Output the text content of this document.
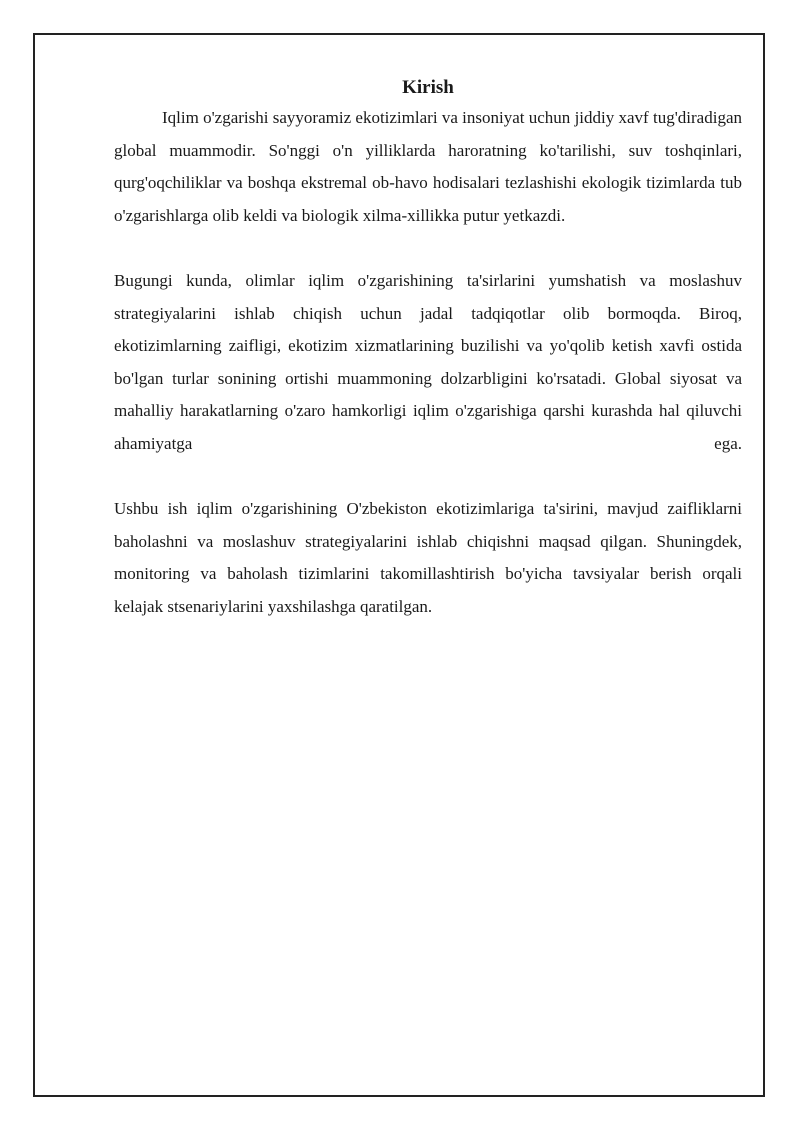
Kirish

Iqlim o'zgarishi sayyoramiz ekotizimlari va insoniyat uchun jiddiy xavf tug'diradigan global muammodir. So'nggi o'n yilliklarda haroratning ko'tarilishi, suv toshqinlari, qurg'oqchiliklar va boshqa ekstremal ob-havo hodisalari tezlashishi ekologik tizimlarda tub o'zgarishlarga olib keldi va biologik xilma-xillikka putur yetkazdi.

Bugungi kunda, olimlar iqlim o'zgarishining ta'sirlarini yumshatish va moslashuv strategiyalarini ishlab chiqish uchun jadal tadqiqotlar olib bormoqda. Biroq, ekotizimlarning zaifligi, ekotizim xizmatlarining buzilishi va yo'qolib ketish xavfi ostida bo'lgan turlar sonining ortishi muammoning dolzarbligini ko'rsatadi. Global siyosat va mahalliy harakatlarning o'zaro hamkorligi iqlim o'zgarishiga qarshi kurashda hal qiluvchi ahamiyatga ega.

Ushbu ish iqlim o'zgarishining O'zbekiston ekotizimlariga ta'sirini, mavjud zaifliklarni baholashni va moslashuv strategiyalarini ishlab chiqishni maqsad qilgan. Shuningdek, monitoring va baholash tizimlarini takomillashtirish bo'yicha tavsiyalar berish orqali kelajak stsenariylarini yaxshilashga qaratilgan.
